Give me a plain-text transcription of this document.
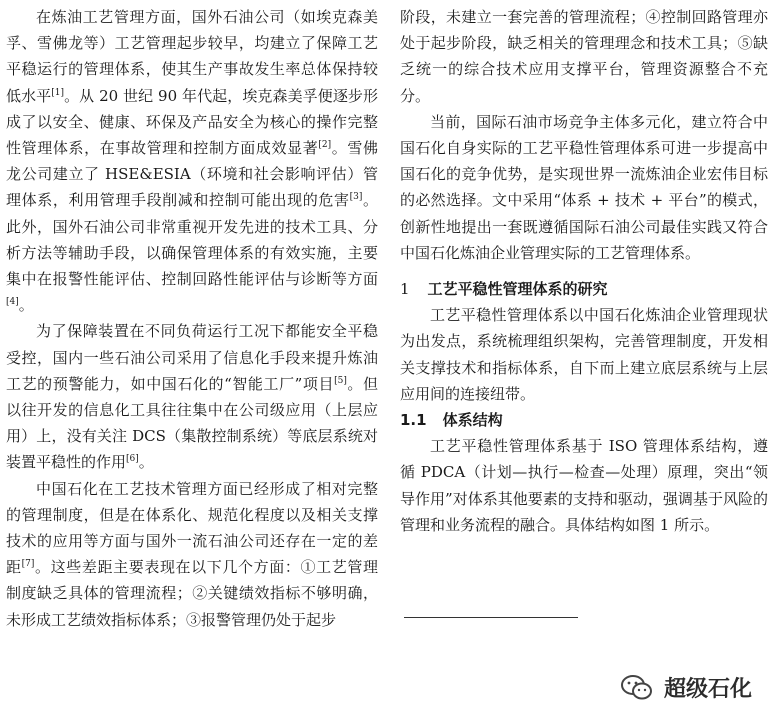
在炼油工艺管理方面，国外石油公司（如埃克森美孚、雪佛龙等）工艺管理起步较早，均建立了保障工艺平稳运行的管理体系，使其生产事故发生率总体保持较低水平[1]。从 20 世纪 90 年代起，埃克森美孚便逐步形成了以安全、健康、环保及产品安全为核心的操作完整性管理体系，在事故管理和控制方面成效显著[2]。雪佛龙公司建立了 HSE&ESIA（环境和社会影响评估）管理体系，利用管理手段削减和控制可能出现的危害[3]。此外，国外石油公司非常重视开发先进的技术工具、分析方法等辅助手段，以确保管理体系的有效实施，主要集中在报警性能评估、控制回路性能评估与诊断等方面[4]。

为了保障装置在不同负荷运行工况下都能安全平稳受控，国内一些石油公司采用了信息化手段来提升炼油工艺的预警能力，如中国石化的“智能工厂”项目[5]。但以往开发的信息化工具往往集中在公司级应用（上层应用）上，没有关注 DCS（集散控制系统）等底层系统对装置平稳性的作用[6]。

中国石化在工艺技术管理方面已经形成了相对完整的管理制度，但是在体系化、规范化程度以及相关支撑技术的应用等方面与国外一流石油公司还存在一定的差距[7]。这些差距主要表现在以下几个方面：①工艺管理制度缺乏具体的管理流程；②关键绩效指标不够明确，未形成工艺绩效指标体系；③报警管理仍处于起步

阶段，未建立一套完善的管理流程；④控制回路管理亦处于起步阶段，缺乏相关的管理理念和技术工具；⑤缺乏统一的综合技术应用支撑平台，管理资源整合不充分。

当前，国际石油市场竞争主体多元化，建立符合中国石化自身实际的工艺平稳性管理体系可进一步提高中国石化的竞争优势，是实现世界一流炼油企业宏伟目标的必然选择。文中采用“体系 + 技术 + 平台”的模式，创新性地提出一套既遵循国际石油公司最佳实践又符合中国石化炼油企业管理实际的工艺管理体系。

1 工艺平稳性管理体系的研究

工艺平稳性管理体系以中国石化炼油企业管理现状为出发点，系统梳理组织架构，完善管理制度，开发相关支撑技术和指标体系，自下而上建立底层系统与上层应用间的连接纽带。

1.1 体系结构

工艺平稳性管理体系基于 ISO 管理体系结构，遵循 PDCA（计划—执行—检查—处理）原理，突出“领导作用”对体系其他要素的支持和驱动，强调基于风险的管理和业务流程的融合。具体结构如图 1 所示。

超级石化
